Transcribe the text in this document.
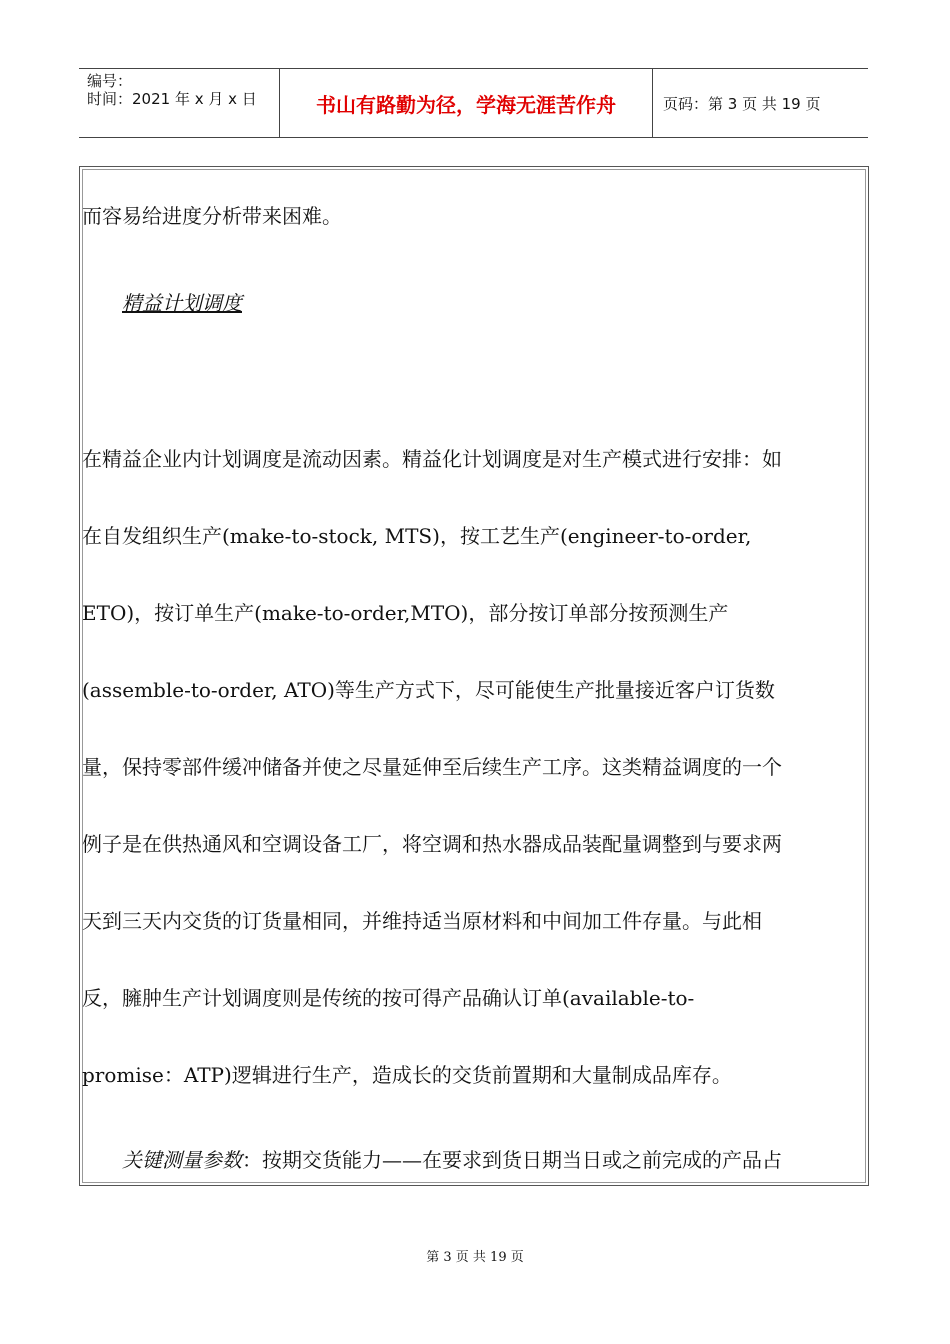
编号：
时间：2021 年 x 月 x 日	书山有路勤为径，学海无涯苦作舟	页码：第 3 页 共 19 页
而容易给进度分析带来困难。
精益计划调度
在精益企业内计划调度是流动因素。精益化计划调度是对生产模式进行安排：如
在自发组织生产(make-to-stock, MTS)，按工艺生产(engineer-to-order,
ETO)，按订单生产(make-to-order,MTO)，部分按订单部分按预测生产
(assemble-to-order, ATO)等生产方式下，尽可能使生产批量接近客户订货数
量，保持零部件缓冲储备并使之尽量延伸至后续生产工序。这类精益调度的一个
例子是在供热通风和空调设备工厂，将空调和热水器成品装配量调整到与要求两
天到三天内交货的订货量相同，并维持适当原材料和中间加工件存量。与此相
反，臃肿生产计划调度则是传统的按可得产品确认订单(available-to-
promise：ATP)逻辑进行生产，造成长的交货前置期和大量制成品库存。
关键测量参数：按期交货能力——在要求到货日期当日或之前完成的产品占
第 3 页 共 19 页
